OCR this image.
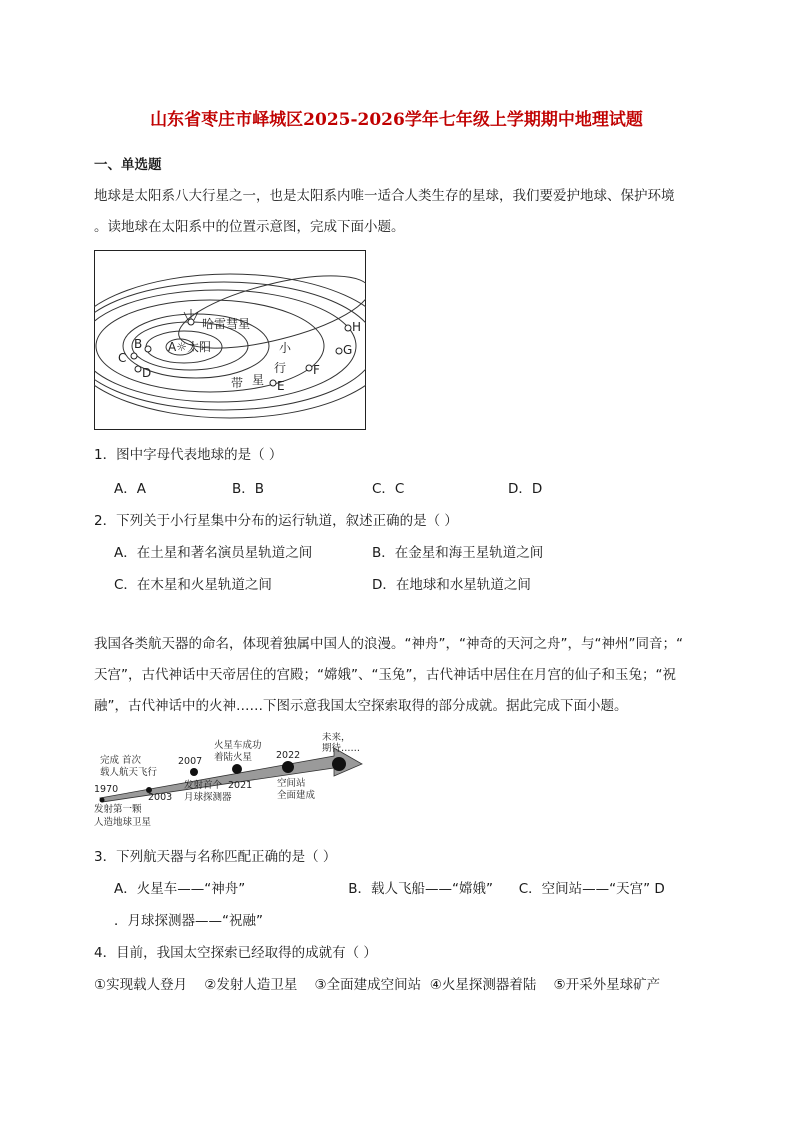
山东省枣庄市峄城区2025-2026学年七年级上学期期中地理试题
一、单选题
地球是太阳系八大行星之一，也是太阳系内唯一适合人类生存的星球，我们要爱护地球、保护环境
。读地球在太阳系中的位置示意图，完成下面小题。
哈雷彗星
A☼太阳
B
C
D
E
F
G
H
小
行
带 星
1．图中字母代表地球的是（ ）
A．A	B．B	C．C	D．D
2．下列关于小行星集中分布的运行轨道，叙述正确的是（ ）
A．在土星和著名演员星轨道之间	B．在金星和海王星轨道之间
C．在木星和火星轨道之间	D．在地球和水星轨道之间
我国各类航天器的命名，体现着独属中国人的浪漫。“神舟”，“神奇的天河之舟”，与“神州”同音；“
天宫”，古代神话中天帝居住的宫殿；“嫦娥”、“玉兔”，古代神话中居住在月宫的仙子和玉兔；“祝
融”，古代神话中的火神……下图示意我国太空探索取得的部分成就。据此完成下面小题。
1970
发射第一颗
人造地球卫星
完成 首次
载人航天飞行
2003
2007
发射首个
月球探测器
火星车成功
着陆火星
2021
2022
空间站
全面建成
未来，
期待……
3．下列航天器与名称匹配正确的是（ ）
A．火星车——“神舟”                        B．载人飞船——“嫦娥”      C．空间站——“天宫” D
．月球探测器——“祝融”
4．目前，我国太空探索已经取得的成就有（ ）
①实现载人登月    ②发射人造卫星    ③全面建成空间站  ④火星探测器着陆    ⑤开采外星球矿产
